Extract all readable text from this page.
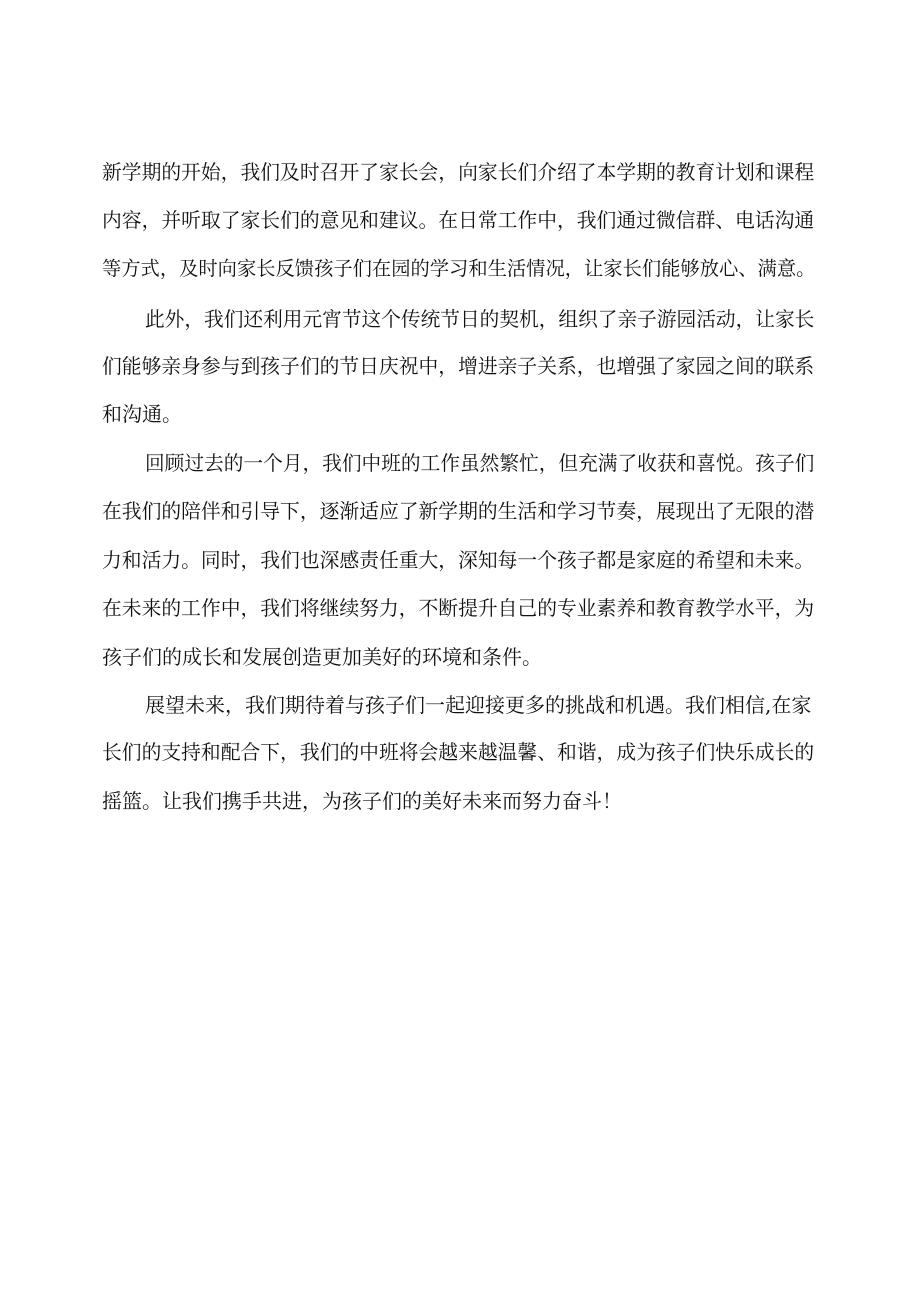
新学期的开始，我们及时召开了家长会，向家长们介绍了本学期的教育计划和课程
内容，并听取了家长们的意见和建议。在日常工作中，我们通过微信群、电话沟通
等方式，及时向家长反馈孩子们在园的学习和生活情况，让家长们能够放心、满意。
此外，我们还利用元宵节这个传统节日的契机，组织了亲子游园活动，让家长
们能够亲身参与到孩子们的节日庆祝中，增进亲子关系，也增强了家园之间的联系
和沟通。
回顾过去的一个月，我们中班的工作虽然繁忙，但充满了收获和喜悦。孩子们
在我们的陪伴和引导下，逐渐适应了新学期的生活和学习节奏，展现出了无限的潜
力和活力。同时，我们也深感责任重大，深知每一个孩子都是家庭的希望和未来。
在未来的工作中，我们将继续努力，不断提升自己的专业素养和教育教学水平，为
孩子们的成长和发展创造更加美好的环境和条件。
展望未来，我们期待着与孩子们一起迎接更多的挑战和机遇。我们相信,在家
长们的支持和配合下，我们的中班将会越来越温馨、和谐，成为孩子们快乐成长的
摇篮。让我们携手共进，为孩子们的美好未来而努力奋斗！
